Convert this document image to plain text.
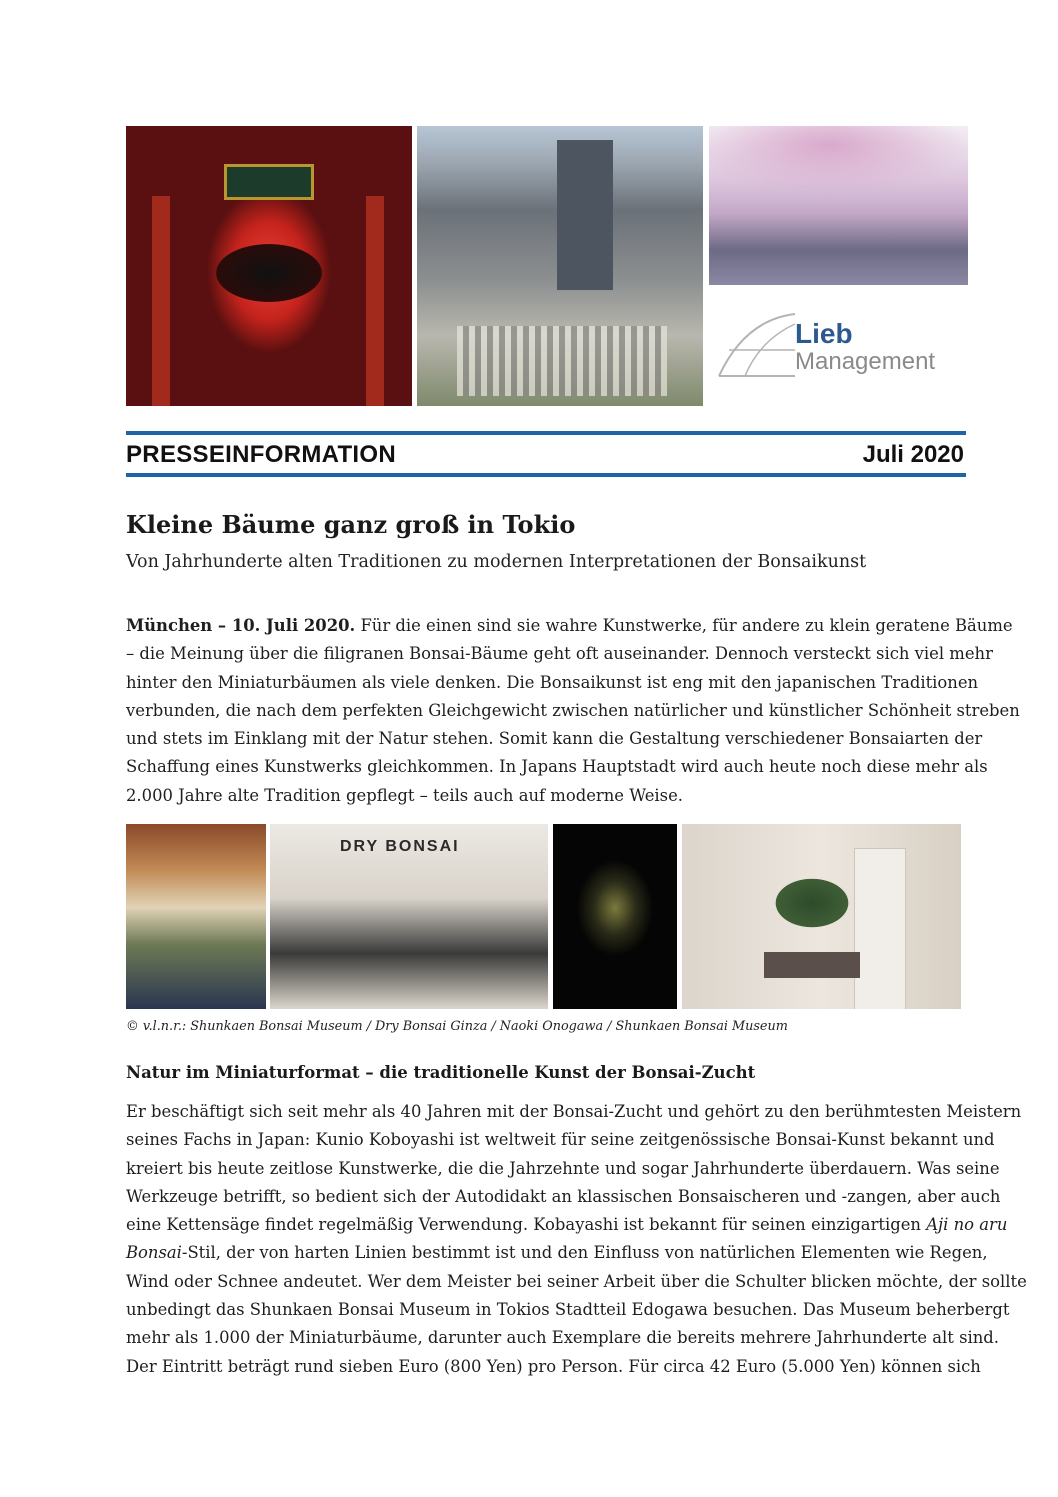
Lieb
Management
PRESSEINFORMATION	Juli 2020
Kleine Bäume ganz groß in Tokio
Von Jahrhunderte alten Traditionen zu modernen Interpretationen der Bonsaikunst
München – 10. Juli 2020. Für die einen sind sie wahre Kunstwerke, für andere zu klein geratene Bäume
– die Meinung über die filigranen Bonsai-Bäume geht oft auseinander. Dennoch versteckt sich viel mehr
hinter den Miniaturbäumen als viele denken. Die Bonsaikunst ist eng mit den japanischen Traditionen
verbunden, die nach dem perfekten Gleichgewicht zwischen natürlicher und künstlicher Schönheit streben
und stets im Einklang mit der Natur stehen. Somit kann die Gestaltung verschiedener Bonsaiarten der
Schaffung eines Kunstwerks gleichkommen. In Japans Hauptstadt wird auch heute noch diese mehr als
2.000 Jahre alte Tradition gepflegt – teils auch auf moderne Weise.
DRY BONSAI
© v.l.n.r.: Shunkaen Bonsai Museum / Dry Bonsai Ginza / Naoki Onogawa / Shunkaen Bonsai Museum
Natur im Miniaturformat – die traditionelle Kunst der Bonsai-Zucht
Er beschäftigt sich seit mehr als 40 Jahren mit der Bonsai-Zucht und gehört zu den berühmtesten Meistern
seines Fachs in Japan: Kunio Koboyashi ist weltweit für seine zeitgenössische Bonsai-Kunst bekannt und
kreiert bis heute zeitlose Kunstwerke, die die Jahrzehnte und sogar Jahrhunderte überdauern. Was seine
Werkzeuge betrifft, so bedient sich der Autodidakt an klassischen Bonsaischeren und -zangen, aber auch
eine Kettensäge findet regelmäßig Verwendung. Kobayashi ist bekannt für seinen einzigartigen Aji no aru
Bonsai-Stil, der von harten Linien bestimmt ist und den Einfluss von natürlichen Elementen wie Regen,
Wind oder Schnee andeutet. Wer dem Meister bei seiner Arbeit über die Schulter blicken möchte, der sollte
unbedingt das Shunkaen Bonsai Museum in Tokios Stadtteil Edogawa besuchen. Das Museum beherbergt
mehr als 1.000 der Miniaturbäume, darunter auch Exemplare die bereits mehrere Jahrhunderte alt sind.
Der Eintritt beträgt rund sieben Euro (800 Yen) pro Person. Für circa 42 Euro (5.000 Yen) können sich
